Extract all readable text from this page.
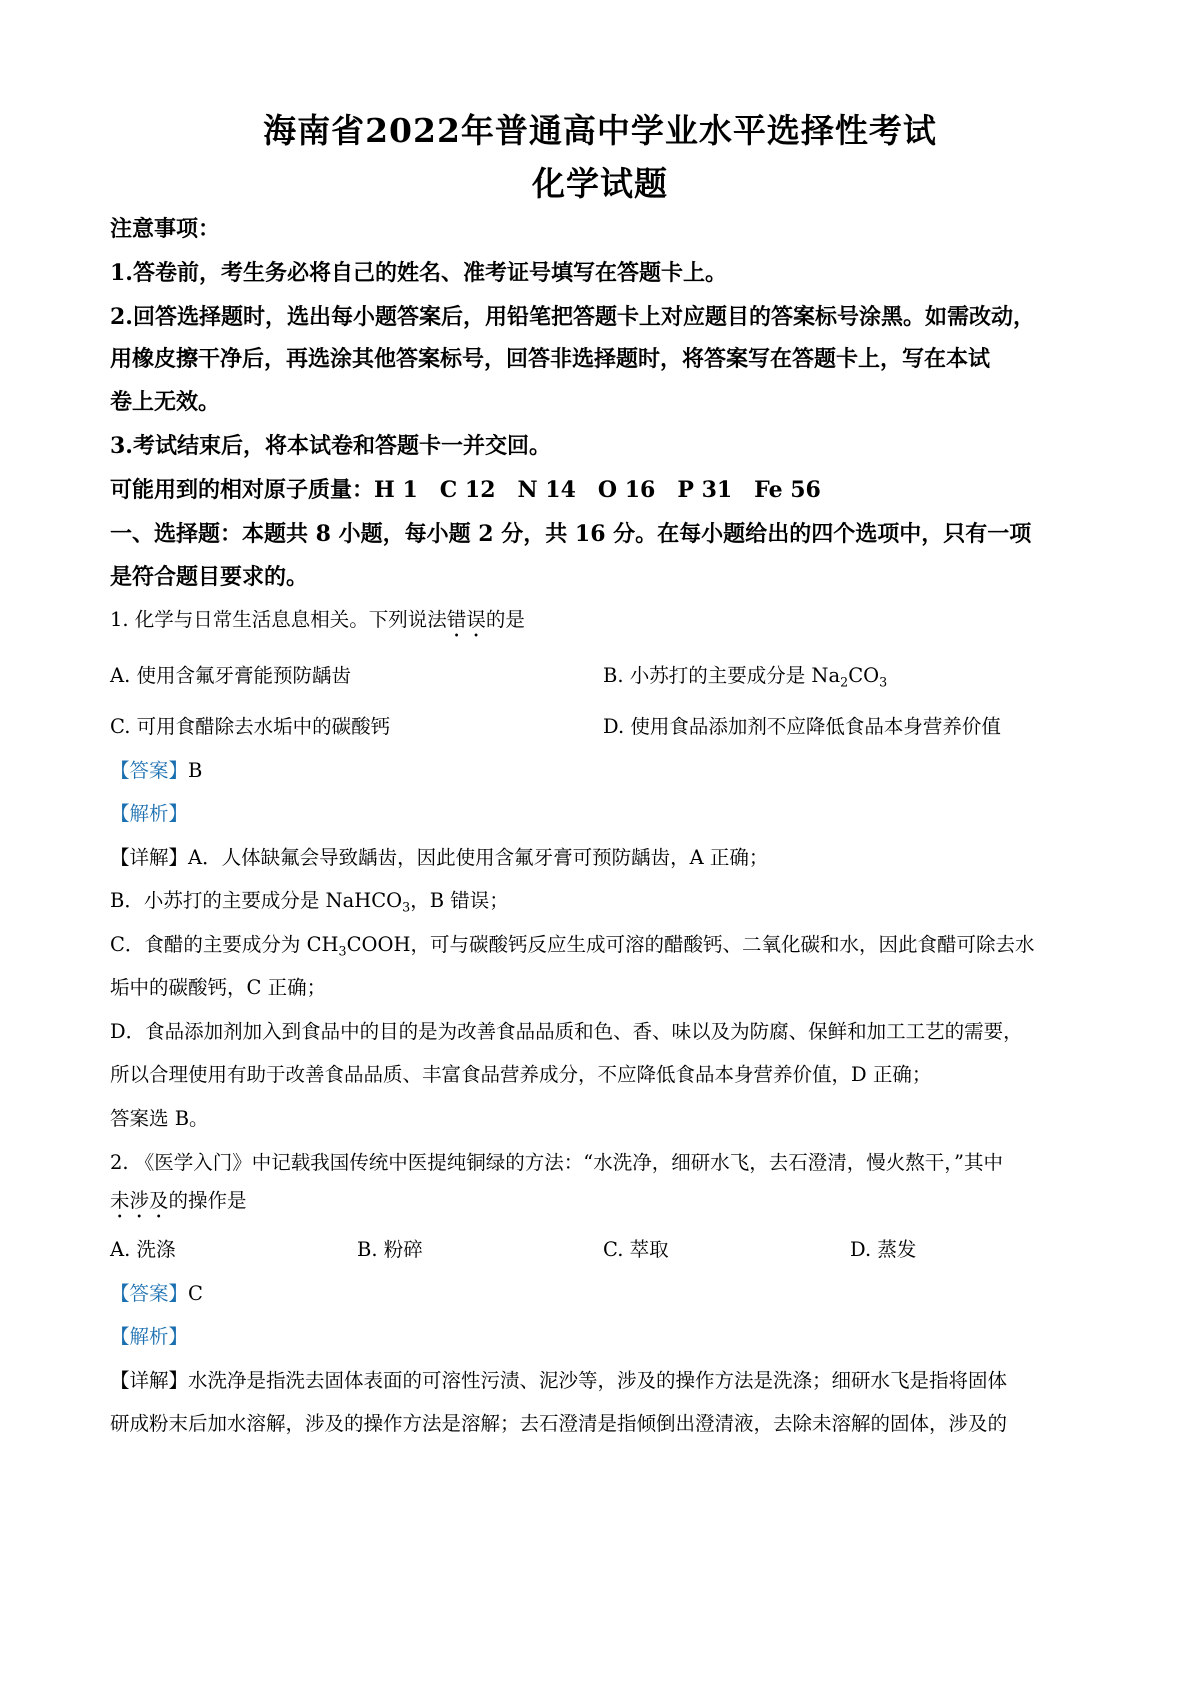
海南省2022年普通高中学业水平选择性考试
化学试题
注意事项：
1.答卷前，考生务必将自己的姓名、准考证号填写在答题卡上。
2.回答选择题时，选出每小题答案后，用铅笔把答题卡上对应题目的答案标号涂黑。如需改动，
用橡皮擦干净后，再选涂其他答案标号，回答非选择题时，将答案写在答题卡上，写在本试
卷上无效。
3.考试结束后，将本试卷和答题卡一并交回。
可能用到的相对原子质量：H 1　C 12　N 14　O 16　P 31　Fe 56
一、选择题：本题共 8 小题，每小题 2 分，共 16 分。在每小题给出的四个选项中，只有一项
是符合题目要求的。
1. 化学与日常生活息息相关。下列说法错误的是
A. 使用含氟牙膏能预防龋齿	B. 小苏打的主要成分是 $Na_2CO_3$
C. 可用食醋除去水垢中的碳酸钙	D. 使用食品添加剂不应降低食品本身营养价值
【答案】B
【解析】
【详解】A．人体缺氟会导致龋齿，因此使用含氟牙膏可预防龋齿，A 正确；
B．小苏打的主要成分是 NaHCO$_3$，B 错误；
C．食醋的主要成分为 $CH_3COOH$，可与碳酸钙反应生成可溶的醋酸钙、二氧化碳和水，因此食醋可除去水
垢中的碳酸钙，C 正确；
D．食品添加剂加入到食品中的目的是为改善食品品质和色、香、味以及为防腐、保鲜和加工工艺的需要，
所以合理使用有助于改善食品品质、丰富食品营养成分，不应降低食品本身营养价值，D 正确；
答案选 B。
2. 《医学入门》中记载我国传统中医提纯铜绿的方法：“水洗净，细研水飞，去石澄清，慢火熬干，”其中
未涉及的操作是
A. 洗涤	B. 粉碎	C. 萃取	D. 蒸发
【答案】C
【解析】
【详解】水洗净是指洗去固体表面的可溶性污渍、泥沙等，涉及的操作方法是洗涤；细研水飞是指将固体
研成粉末后加水溶解，涉及的操作方法是溶解；去石澄清是指倾倒出澄清液，去除未溶解的固体，涉及的
